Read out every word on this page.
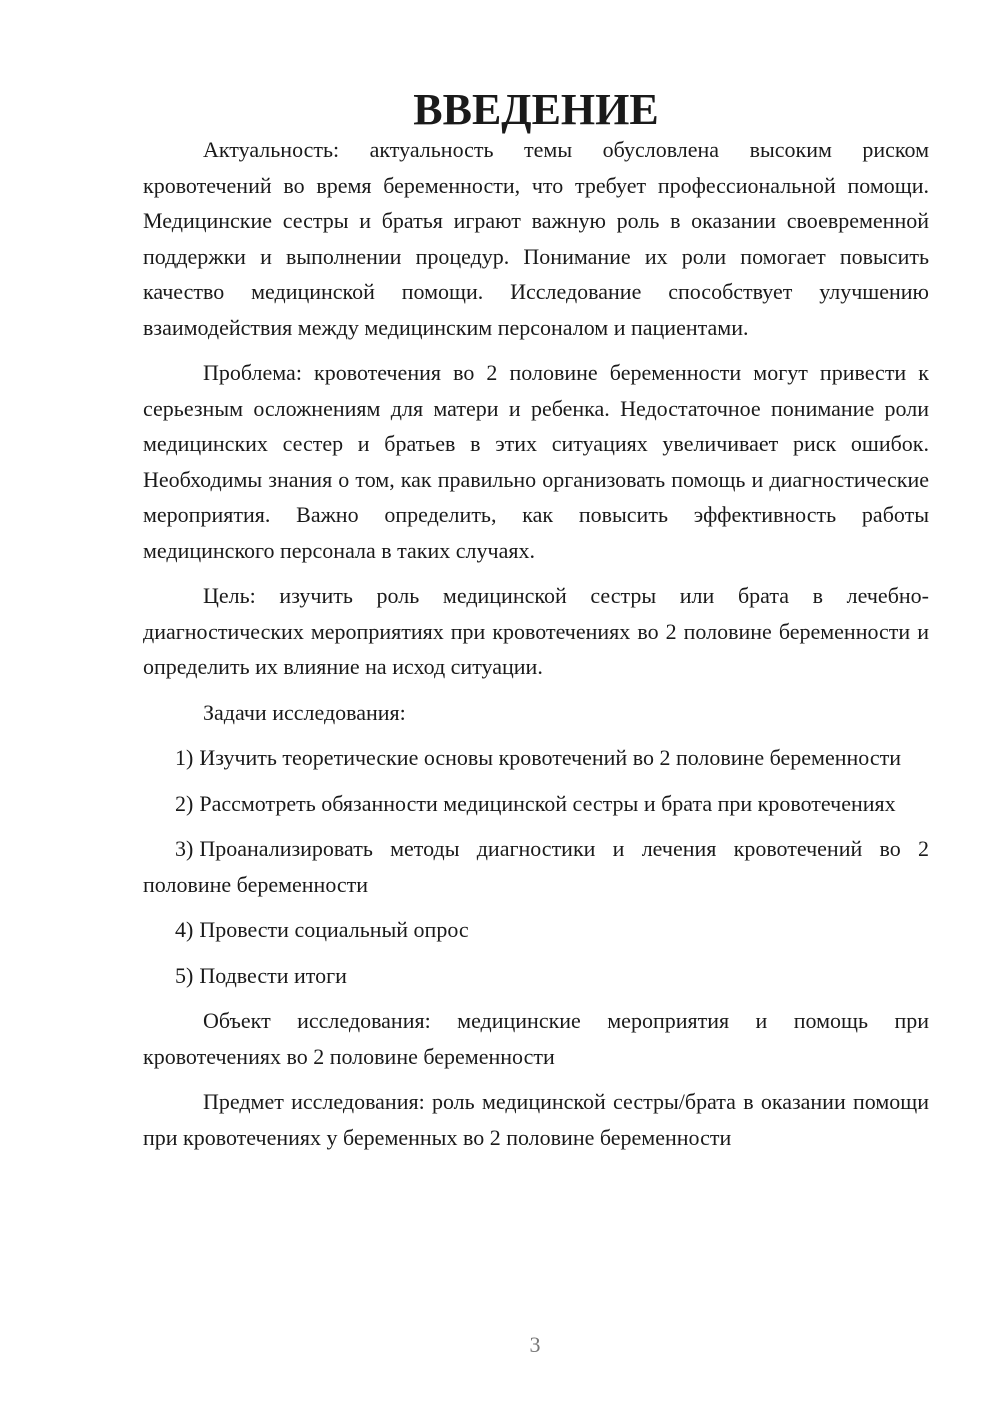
ВВЕДЕНИЕ

Актуальность: актуальность темы обусловлена высоким риском кровотечений во время беременности, что требует профессиональной помощи. Медицинские сестры и братья играют важную роль в оказании своевременной поддержки и выполнении процедур. Понимание их роли помогает повысить качество медицинской помощи. Исследование способствует улучшению взаимодействия между медицинским персоналом и пациентами.

Проблема: кровотечения во 2 половине беременности могут привести к серьезным осложнениям для матери и ребенка. Недостаточное понимание роли медицинских сестер и братьев в этих ситуациях увеличивает риск ошибок. Необходимы знания о том, как правильно организовать помощь и диагностические мероприятия. Важно определить, как повысить эффективность работы медицинского персонала в таких случаях.

Цель: изучить роль медицинской сестры или брата в лечебно-диагностических мероприятиях при кровотечениях во 2 половине беременности и определить их влияние на исход ситуации.

Задачи исследования:

1) Изучить теоретические основы кровотечений во 2 половине беременности

2) Рассмотреть обязанности медицинской сестры и брата при кровотечениях

3) Проанализировать методы диагностики и лечения кровотечений во 2 половине беременности

4) Провести социальный опрос

5) Подвести итоги

Объект исследования: медицинские мероприятия и помощь при кровотечениях во 2 половине беременности

Предмет исследования: роль медицинской сестры/брата в оказании помощи при кровотечениях у беременных во 2 половине беременности

3
